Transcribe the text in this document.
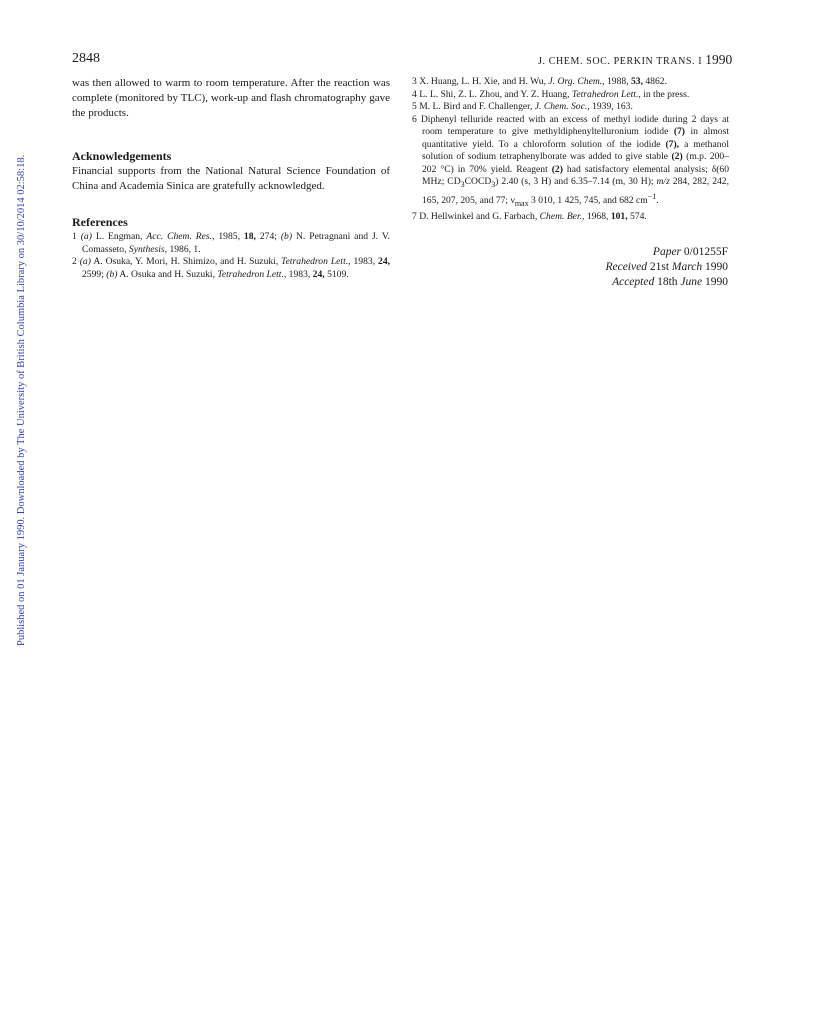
2848	J. CHEM. SOC. PERKIN TRANS. I 1990
Published on 01 January 1990. Downloaded by The University of British Columbia Library on 30/10/2014 02:58:18.

was then allowed to warm to room temperature. After the reaction was complete (monitored by TLC), work-up and flash chromatography gave the products.

Acknowledgements

Financial supports from the National Natural Science Foundation of China and Academia Sinica are gratefully acknowledged.

References

1 (a) L. Engman, Acc. Chem. Res., 1985, 18, 274; (b) N. Petragnani and J. V. Comasseto, Synthesis, 1986, 1.

2 (a) A. Osuka, Y. Mori, H. Shimizo, and H. Suzuki, Tetrahedron Lett., 1983, 24, 2599; (b) A. Osuka and H. Suzuki, Tetrahedron Lett., 1983, 24, 5109.

3 X. Huang, L. H. Xie, and H. Wu, J. Org. Chem., 1988, 53, 4862.

4 L. L. Shi, Z. L. Zhou, and Y. Z. Huang, Tetrahedron Lett., in the press.

5 M. L. Bird and F. Challenger, J. Chem. Soc., 1939, 163.

6 Diphenyl telluride reacted with an excess of methyl iodide during 2 days at room temperature to give methyldiphenyltelluronium iodide (7) in almost quantitative yield. To a chloroform solution of the iodide (7), a methanol solution of sodium tetraphenylborate was added to give stable (2) (m.p. 200–202 °C) in 70% yield. Reagent (2) had satisfactory elemental analysis; δ(60 MHz; $CD_3COCD_3$) 2.40 (s, 3 H) and 6.35–7.14 (m, 30 H); m/z 284, 282, 242, 165, 207, 205, and 77; $\nu_{max}$ 3 010, 1 425, 745, and 682 $cm^{-1}$.

7 D. Hellwinkel and G. Farbach, Chem. Ber., 1968, 101, 574.

Paper 0/01255F
Received 21st March 1990
Accepted 18th June 1990
